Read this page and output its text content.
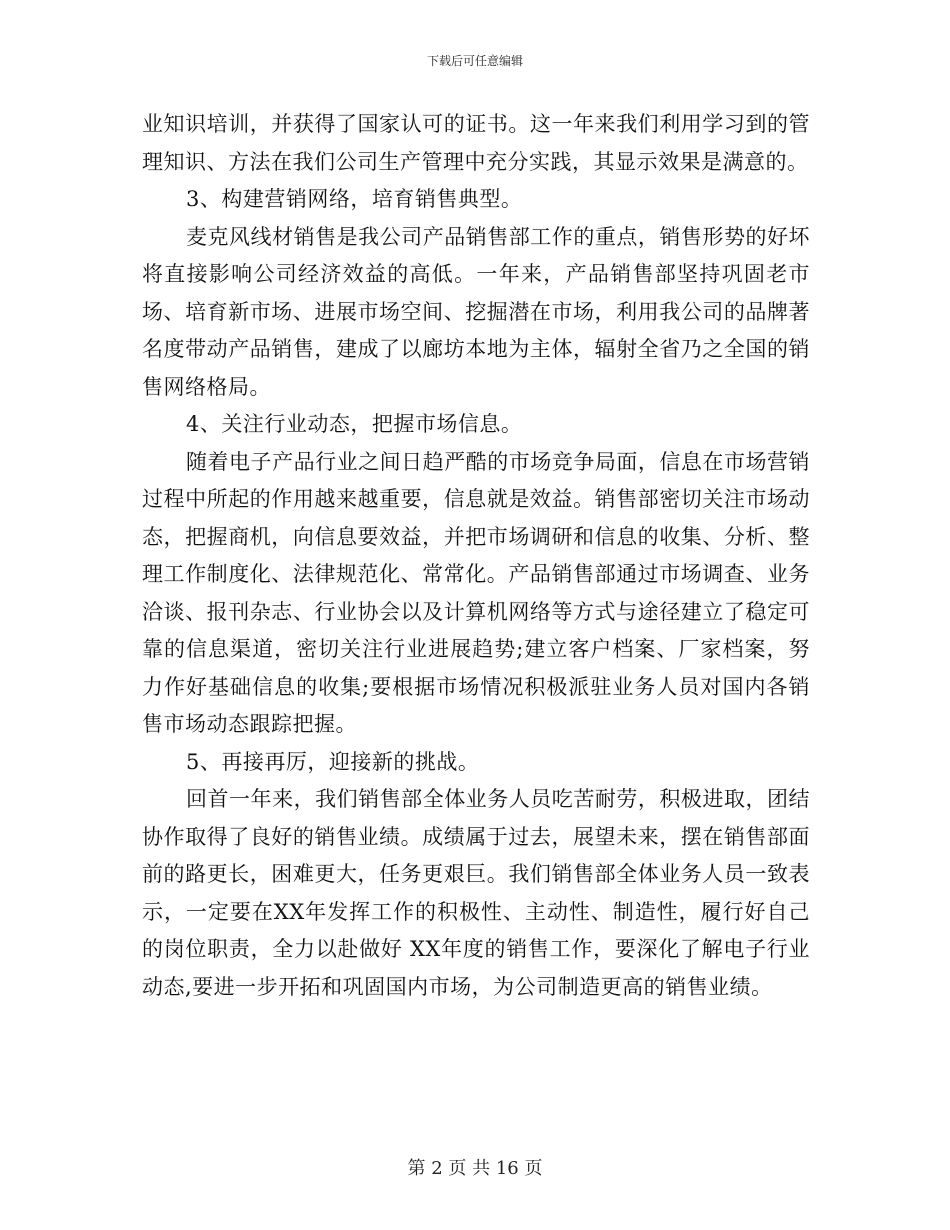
下载后可任意编辑

业知识培训，并获得了国家认可的证书。这一年来我们利用学习到的管理知识、方法在我们公司生产管理中充分实践，其显示效果是满意的。

3、构建营销网络，培育销售典型。

麦克风线材销售是我公司产品销售部工作的重点，销售形势的好坏将直接影响公司经济效益的高低。一年来，产品销售部坚持巩固老市场、培育新市场、进展市场空间、挖掘潜在市场，利用我公司的品牌著名度带动产品销售，建成了以廊坊本地为主体，辐射全省乃之全国的销售网络格局。

4、关注行业动态，把握市场信息。

随着电子产品行业之间日趋严酷的市场竞争局面，信息在市场营销过程中所起的作用越来越重要，信息就是效益。销售部密切关注市场动态，把握商机，向信息要效益，并把市场调研和信息的收集、分析、整理工作制度化、法律规范化、常常化。产品销售部通过市场调查、业务洽谈、报刊杂志、行业协会以及计算机网络等方式与途径建立了稳定可靠的信息渠道，密切关注行业进展趋势;建立客户档案、厂家档案，努力作好基础信息的收集;要根据市场情况积极派驻业务人员对国内各销售市场动态跟踪把握。

5、再接再厉，迎接新的挑战。

回首一年来，我们销售部全体业务人员吃苦耐劳，积极进取，团结协作取得了良好的销售业绩。成绩属于过去，展望未来，摆在销售部面前的路更长，困难更大，任务更艰巨。我们销售部全体业务人员一致表示，一定要在XX年发挥工作的积极性、主动性、制造性，履行好自己的岗位职责，全力以赴做好 XX年度的销售工作，要深化了解电子行业动态,要进一步开拓和巩固国内市场，为公司制造更高的销售业绩。

第 2 页 共 16 页
